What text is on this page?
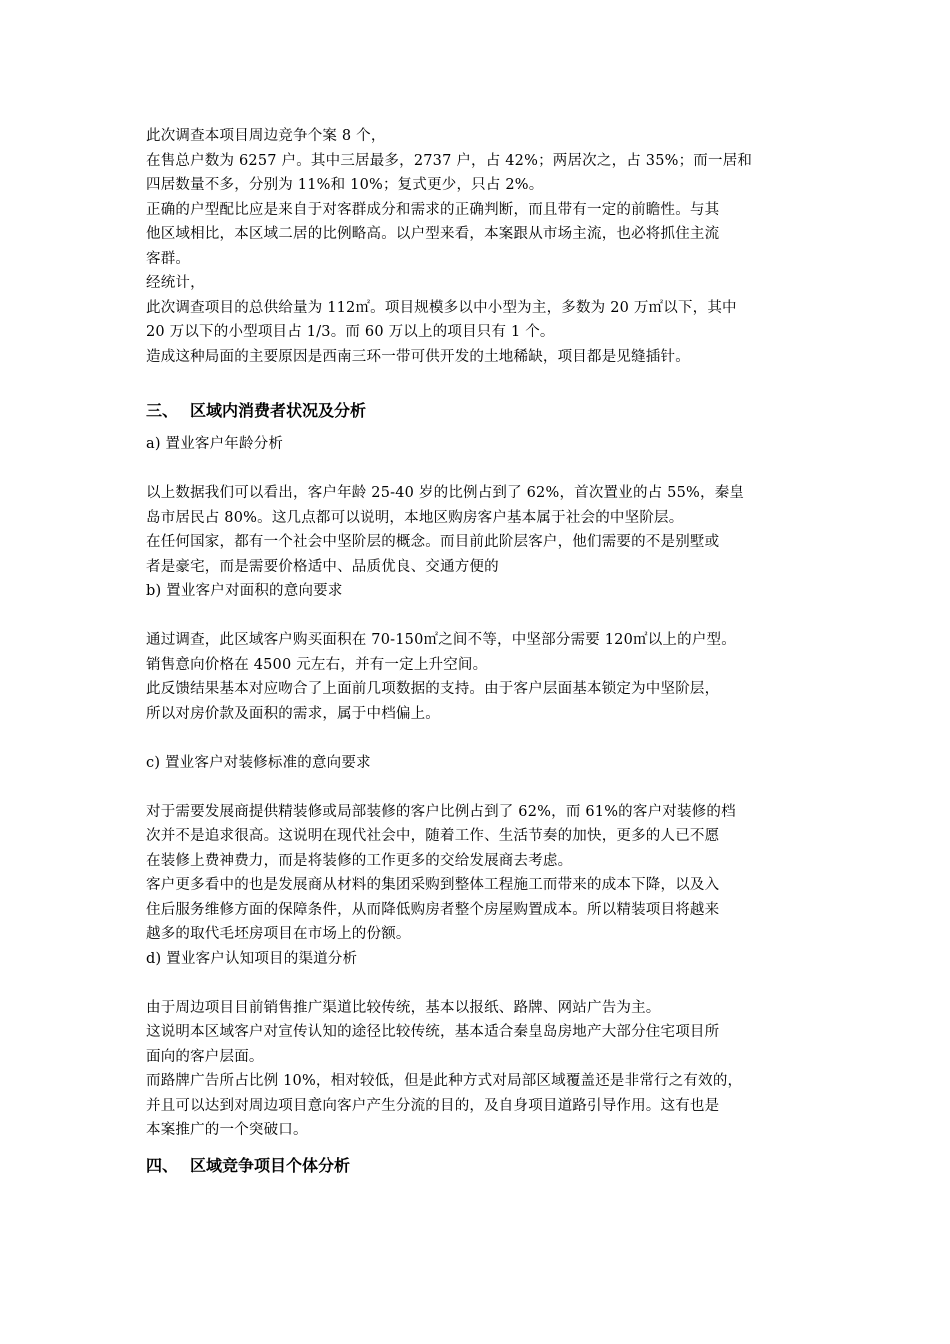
此次调查本项目周边竞争个案 8 个，
在售总户数为 6257 户。其中三居最多，2737 户，占 42%；两居次之，占 35%；而一居和
四居数量不多，分别为 11%和 10%；复式更少，只占 2%。
正确的户型配比应是来自于对客群成分和需求的正确判断，而且带有一定的前瞻性。与其
他区域相比，本区域二居的比例略高。以户型来看，本案跟从市场主流，也必将抓住主流
客群。
经统计，
此次调查项目的总供给量为 112㎡。项目规模多以中小型为主，多数为 20 万㎡以下，其中
20 万以下的小型项目占 1/3。而 60 万以上的项目只有 1 个。
造成这种局面的主要原因是西南三环一带可供开发的土地稀缺，项目都是见缝插针。
三、 区域内消费者状况及分析
a) 置业客户年龄分析
以上数据我们可以看出，客户年龄 25-40 岁的比例占到了 62%，首次置业的占 55%，秦皇
岛市居民占 80%。这几点都可以说明，本地区购房客户基本属于社会的中坚阶层。
在任何国家，都有一个社会中坚阶层的概念。而目前此阶层客户，他们需要的不是别墅或
者是豪宅，而是需要价格适中、品质优良、交通方便的
b) 置业客户对面积的意向要求
通过调查，此区域客户购买面积在 70-150㎡之间不等，中坚部分需要 120㎡以上的户型。
销售意向价格在 4500 元左右，并有一定上升空间。
此反馈结果基本对应吻合了上面前几项数据的支持。由于客户层面基本锁定为中坚阶层，
所以对房价款及面积的需求，属于中档偏上。
c) 置业客户对装修标准的意向要求
对于需要发展商提供精装修或局部装修的客户比例占到了 62%，而 61%的客户对装修的档
次并不是追求很高。这说明在现代社会中，随着工作、生活节奏的加快，更多的人已不愿
在装修上费神费力，而是将装修的工作更多的交给发展商去考虑。
客户更多看中的也是发展商从材料的集团采购到整体工程施工而带来的成本下降，以及入
住后服务维修方面的保障条件，从而降低购房者整个房屋购置成本。所以精装项目将越来
越多的取代毛坯房项目在市场上的份额。
d) 置业客户认知项目的渠道分析
由于周边项目目前销售推广渠道比较传统，基本以报纸、路牌、网站广告为主。
这说明本区域客户对宣传认知的途径比较传统，基本适合秦皇岛房地产大部分住宅项目所
面向的客户层面。
而路牌广告所占比例 10%，相对较低，但是此种方式对局部区域覆盖还是非常行之有效的，
并且可以达到对周边项目意向客户产生分流的目的，及自身项目道路引导作用。这有也是
本案推广的一个突破口。
四、 区域竞争项目个体分析
